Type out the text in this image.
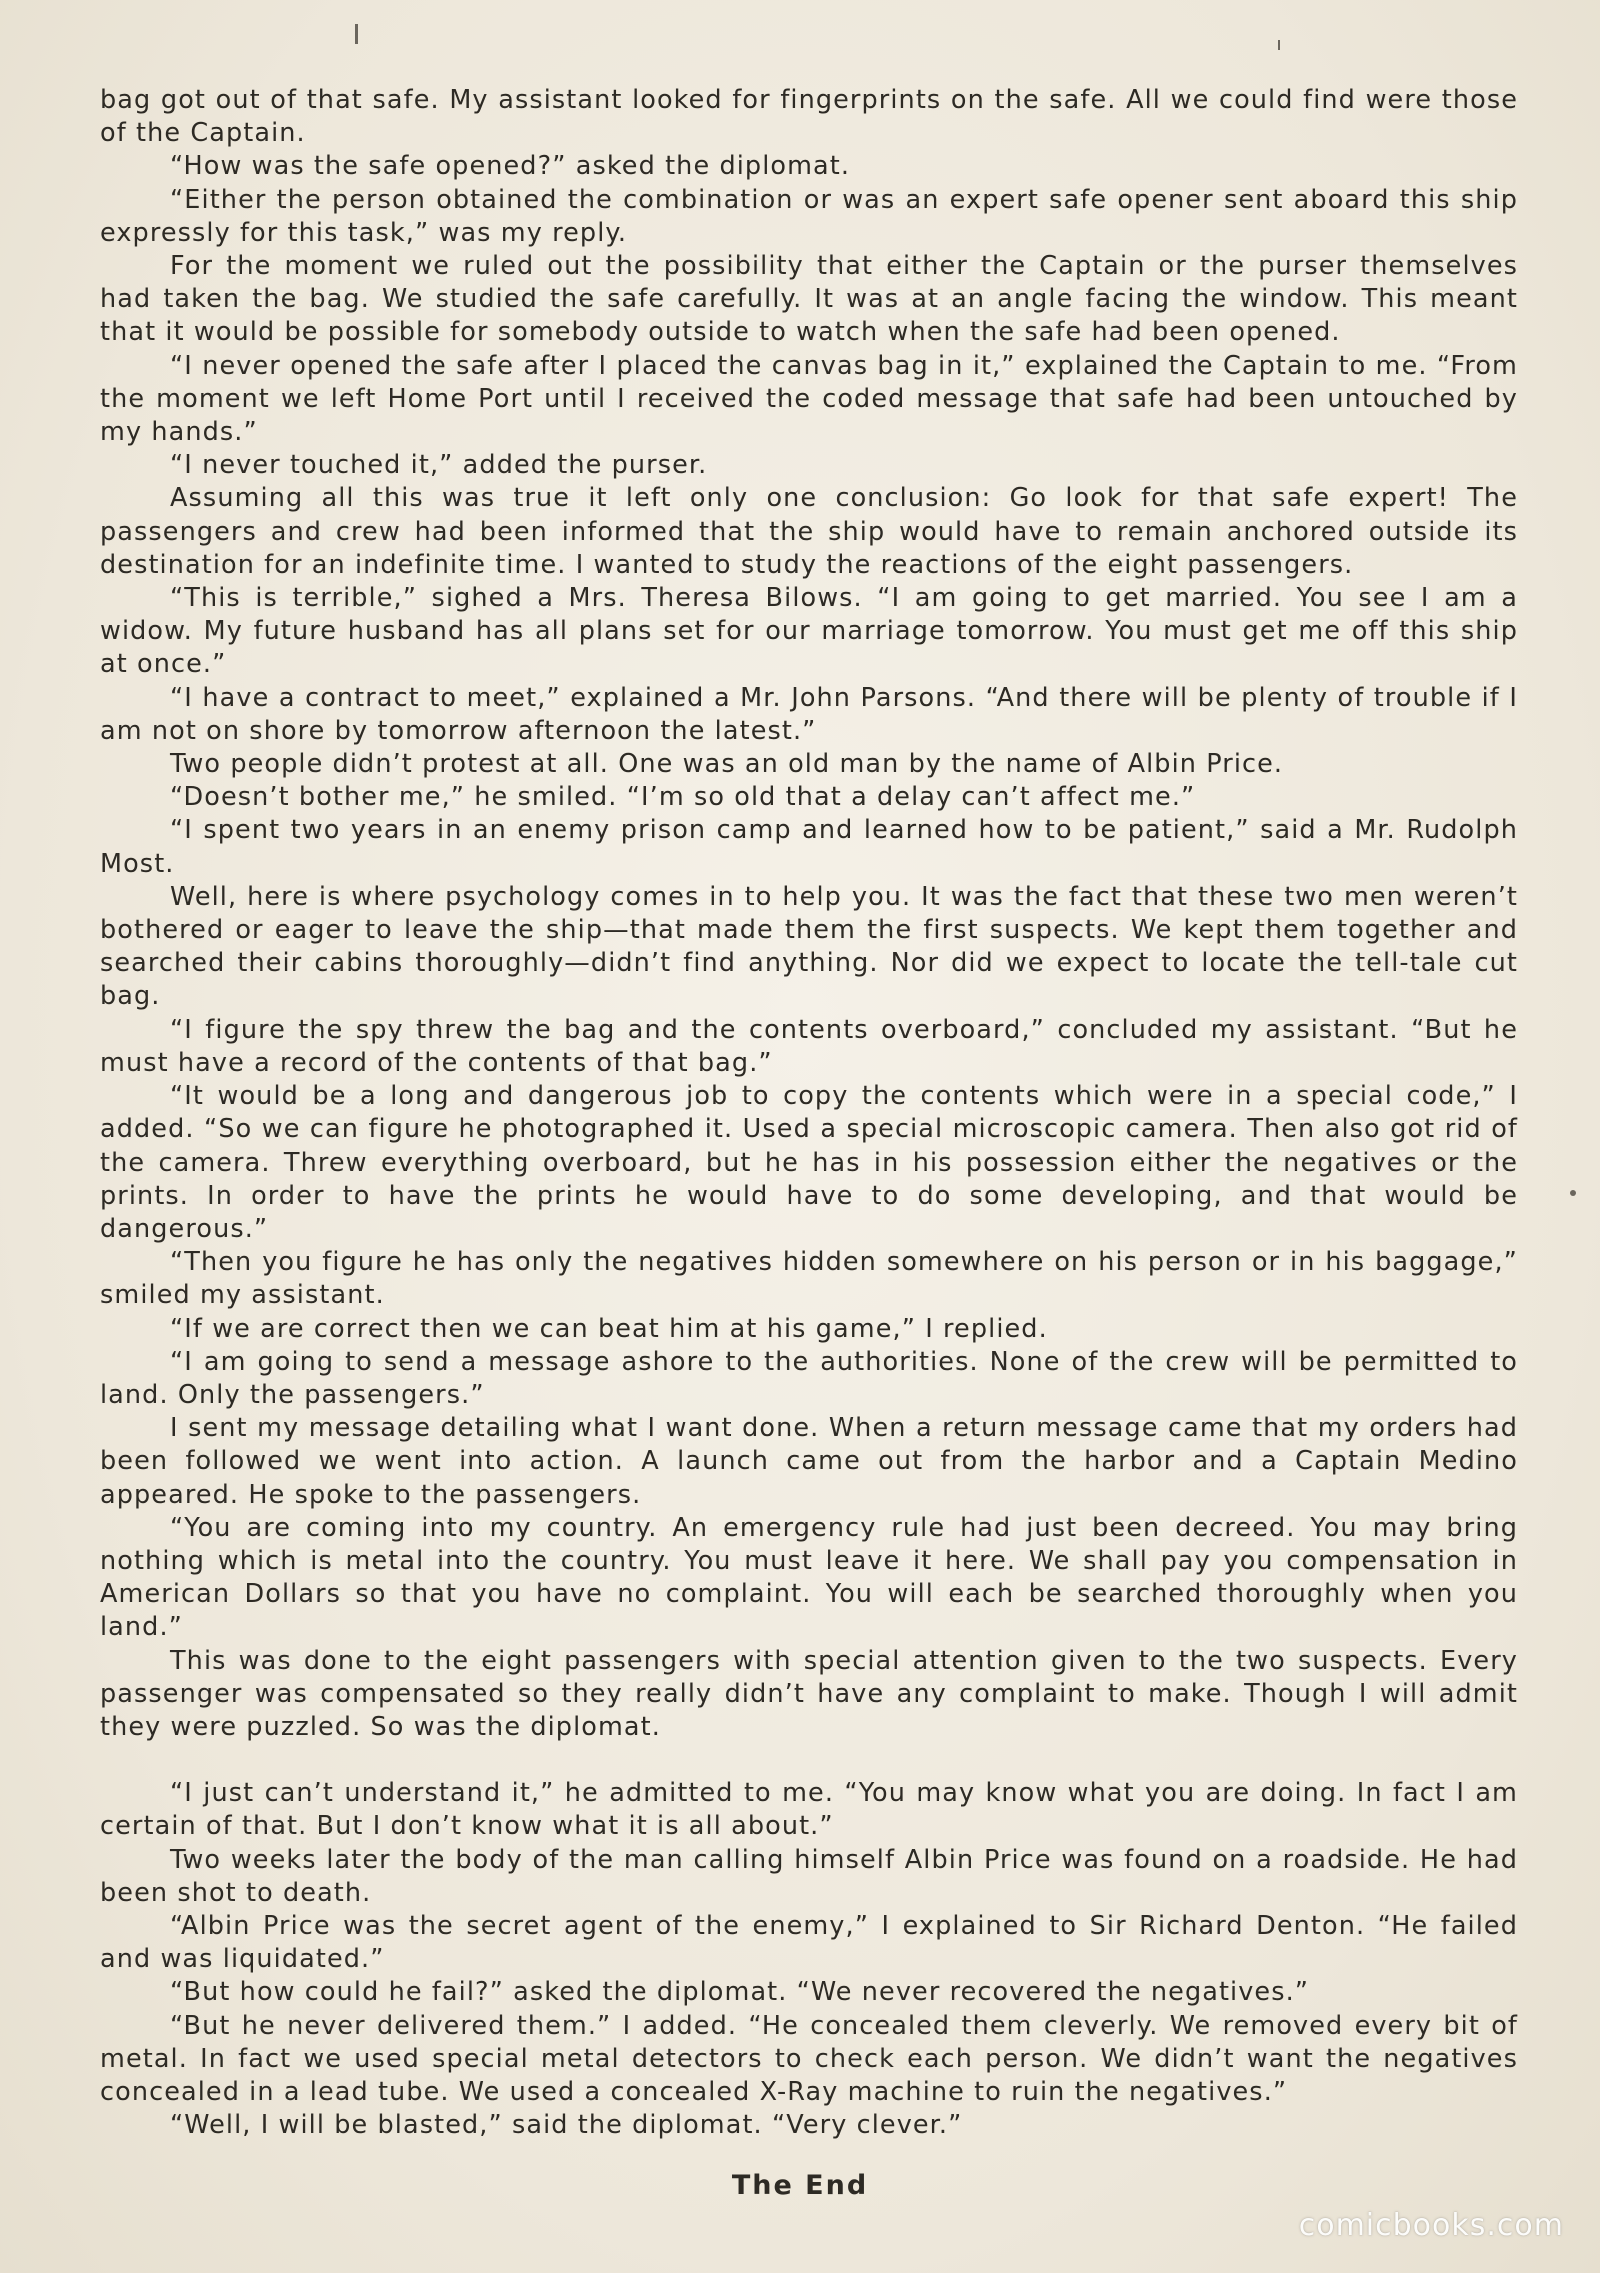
bag got out of that safe. My assistant looked for fingerprints on the safe. All we could find were those of the Captain.

“How was the safe opened?” asked the diplomat.

“Either the person obtained the combination or was an expert safe opener sent aboard this ship expressly for this task,” was my reply.

For the moment we ruled out the possibility that either the Captain or the purser themselves had taken the bag. We studied the safe carefully. It was at an angle facing the window. This meant that it would be possible for somebody outside to watch when the safe had been opened.

“I never opened the safe after I placed the canvas bag in it,” explained the Captain to me. “From the moment we left Home Port until I received the coded message that safe had been untouched by my hands.”

“I never touched it,” added the purser.

Assuming all this was true it left only one conclusion: Go look for that safe expert! The passengers and crew had been informed that the ship would have to remain anchored outside its destination for an indefinite time. I wanted to study the reactions of the eight passengers.

“This is terrible,” sighed a Mrs. Theresa Bilows. “I am going to get married. You see I am a widow. My future husband has all plans set for our marriage tomorrow. You must get me off this ship at once.”

“I have a contract to meet,” explained a Mr. John Parsons. “And there will be plenty of trouble if I am not on shore by tomorrow afternoon the latest.”

Two people didn’t protest at all. One was an old man by the name of Albin Price.

“Doesn’t bother me,” he smiled. “I’m so old that a delay can’t affect me.”

“I spent two years in an enemy prison camp and learned how to be patient,” said a Mr. Rudolph Most.

Well, here is where psychology comes in to help you. It was the fact that these two men weren’t bothered or eager to leave the ship—that made them the first suspects. We kept them together and searched their cabins thoroughly—didn’t find anything. Nor did we expect to locate the tell-tale cut bag.

“I figure the spy threw the bag and the contents overboard,” concluded my assistant. “But he must have a record of the contents of that bag.”

“It would be a long and dangerous job to copy the contents which were in a special code,” I added. “So we can figure he photographed it. Used a special microscopic camera. Then also got rid of the camera. Threw everything overboard, but he has in his possession either the negatives or the prints. In order to have the prints he would have to do some developing, and that would be dangerous.”

“Then you figure he has only the negatives hidden somewhere on his person or in his baggage,” smiled my assistant.

“If we are correct then we can beat him at his game,” I replied.

“I am going to send a message ashore to the authorities. None of the crew will be permitted to land. Only the passengers.”

I sent my message detailing what I want done. When a return message came that my orders had been followed we went into action. A launch came out from the harbor and a Captain Medino appeared. He spoke to the passengers.

“You are coming into my country. An emergency rule had just been decreed. You may bring nothing which is metal into the country. You must leave it here. We shall pay you compensation in American Dollars so that you have no complaint. You will each be searched thoroughly when you land.”

This was done to the eight passengers with special attention given to the two suspects. Every passenger was compensated so they really didn’t have any complaint to make. Though I will admit they were puzzled. So was the diplomat.

“I just can’t understand it,” he admitted to me. “You may know what you are doing. In fact I am certain of that. But I don’t know what it is all about.”

Two weeks later the body of the man calling himself Albin Price was found on a roadside. He had been shot to death.

“Albin Price was the secret agent of the enemy,” I explained to Sir Richard Denton. “He failed and was liquidated.”

“But how could he fail?” asked the diplomat. “We never recovered the negatives.”

“But he never delivered them.” I added. “He concealed them cleverly. We removed every bit of metal. In fact we used special metal detectors to check each person. We didn’t want the negatives concealed in a lead tube. We used a concealed X-Ray machine to ruin the negatives.”

“Well, I will be blasted,” said the diplomat. “Very clever.”

The End
comicbooks.com
